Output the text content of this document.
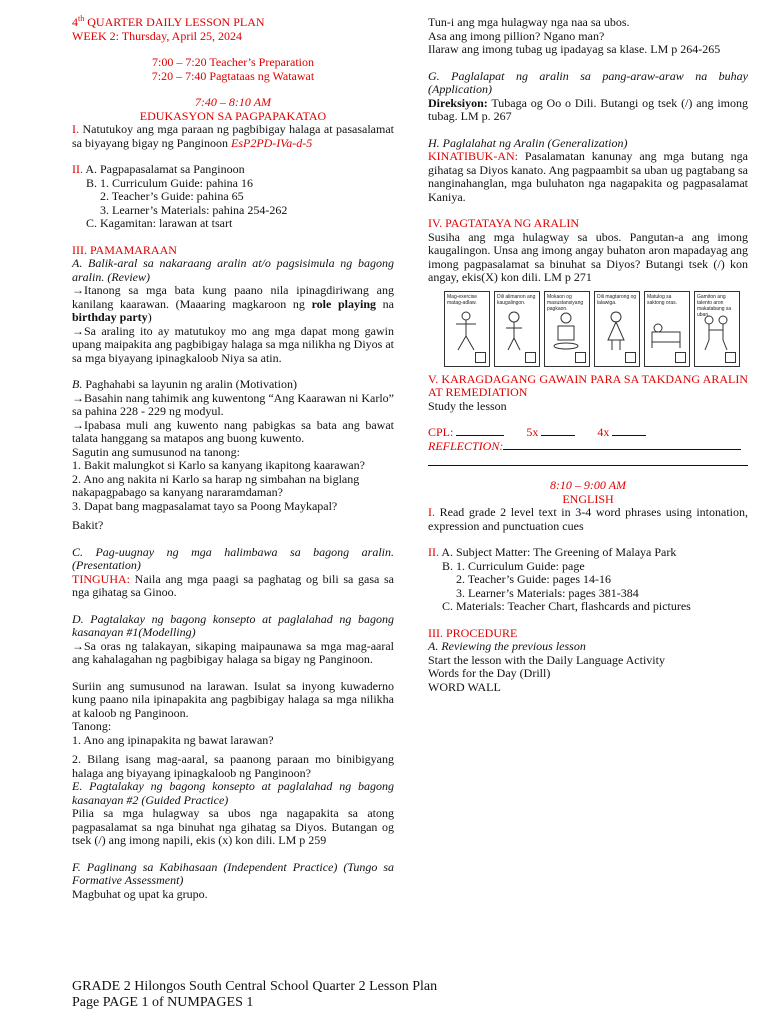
4th QUARTER DAILY LESSON PLAN

WEEK 2: Thursday, April 25, 2024

7:00 – 7:20 Teacher’s Preparation

7:20 – 7:40 Pagtataas ng Watawat

7:40 – 8:10 AM

EDUKASYON SA PAGPAPAKATAO

I. Natutukoy ang mga paraan ng pagbibigay halaga at pasasalamat sa biyayang bigay ng Panginoon EsP2PD-IVa-d-5

II. A. Pagpapasalamat sa Panginoon

B. 1. Curriculum Guide: pahina 16

2. Teacher’s Guide: pahina 65

3. Learner’s Materials: pahina 254-262

C. Kagamitan: larawan at tsart

III. PAMAMARAAN

A. Balik-aral sa nakaraang aralin at/o pagsisimula ng bagong aralin. (Review)

→Itanong sa mga bata kung paano nila ipinagdiriwang ang kanilang kaarawan. (Maaaring magkaroon ng role playing na birthday party)

→Sa araling ito ay matutukoy mo ang mga dapat mong gawin upang maipakita ang pagbibigay halaga sa mga nilikha ng Diyos at sa mga biyayang ipinagkaloob Niya sa atin.

B. Paghahabi sa layunin ng aralin (Motivation)

→Basahin nang tahimik ang kuwentong “Ang Kaarawan ni Karlo” sa pahina 228 - 229 ng modyul.

→Ipabasa muli ang kuwento nang pabigkas sa bata ang bawat talata hanggang sa matapos ang buong kuwento.

Sagutin ang sumusunod na tanong:

1. Bakit malungkot si Karlo sa kanyang ikapitong kaarawan?

2. Ano ang nakita ni Karlo sa harap ng simbahan na biglang nakapagpabago sa kanyang nararamdaman?

3. Dapat bang magpasalamat tayo sa Poong Maykapal?

Bakit?

C. Pag-uugnay ng mga halimbawa sa bagong aralin. (Presentation)

TINGUHA: Naila ang mga paagi sa paghatag og bili sa gasa sa nga gihatag sa Ginoo.

D. Pagtalakay ng bagong konsepto at paglalahad ng bagong kasanayan #1(Modelling)

→Sa oras ng talakayan, sikaping maipaunawa sa mga mag-aaral ang kahalagahan ng pagbibigay halaga sa bigay ng Panginoon.

Suriin ang sumusunod na larawan. Isulat sa inyong kuwaderno kung paano nila ipinapakita ang pagbibigay halaga sa mga nilikha at kaloob ng Panginoon.

Tanong:

1. Ano ang ipinapakita ng bawat larawan?

2. Bilang isang mag-aaral, sa paanong paraan mo binibigyang halaga ang biyayang ipinagkaloob ng Panginoon?

E. Pagtalakay ng bagong konsepto at paglalahad ng bagong kasanayan #2 (Guided Practice)

Pilia sa mga hulagway sa ubos nga nagapakita sa atong pagpasalamat sa nga binuhat nga gihatag sa Diyos. Butangan og tsek (/) ang imong napili, ekis (x) kon dili. LM p 259

F. Paglinang sa Kabihasaan (Independent Practice) (Tungo sa Formative Assessment)

Magbuhat og upat ka grupo.

Tun-i ang mga hulagway nga naa sa ubos.

Asa ang imong pillion? Ngano man?

Ilaraw ang imong tubag ug ipadayag sa klase. LM p 264-265

G. Paglalapat ng aralin sa pang-araw-araw na buhay (Application)

Direksiyon: Tubaga og Oo o Dili. Butangi og tsek (/) ang imong tubag. LM p. 267

H. Paglalahat ng Aralin (Generalization)

KINATIBUK-AN: Pasalamatan kanunay ang mga butang nga gihatag sa Diyos kanato. Ang pagpaambit sa uban ug pagtabang sa nanginahanglan, mga buluhaton nga nagapakita og pagpasalamat Kaniya.

IV. PAGTATAYA NG ARALIN

Susiha ang mga hulagway sa ubos. Pangutan-a ang imong kaugalingon. Unsa ang imong angay buhaton aron mapadayag ang imong pagpasalamat sa binuhat sa Diyos? Butangi tsek (/) kon angay, ekis(X) kon dili. LM p 271

Mag-exercise matag-adlaw.
Dili alimanon ang kaugalingon.
Mokaon og masustansiyang pagkaon.
Dili magtarong og lalawiga.
Matulog sa saktong oras.
Gamiton ang talento aron makatabang sa uban.

V. KARAGDAGANG GAWAIN PARA SA TAKDANG ARALIN AT REMEDIATION

Study the lesson

CPL:	5x	4x

REFLECTION:

8:10 – 9:00 AM

ENGLISH

I. Read grade 2 level text in 3-4 word phrases using intonation, expression and punctuation cues

II. A. Subject Matter: The Greening of Malaya Park

B. 1. Curriculum Guide: page

2. Teacher’s Guide: pages 14-16

3. Learner’s Materials: pages 381-384

C. Materials: Teacher Chart, flashcards and pictures

III. PROCEDURE

A. Reviewing the previous lesson

Start the lesson with the Daily Language Activity

Words for the Day (Drill)

WORD WALL

GRADE 2 Hilongos South Central School Quarter 2 Lesson Plan

Page PAGE 1 of NUMPAGES 1
